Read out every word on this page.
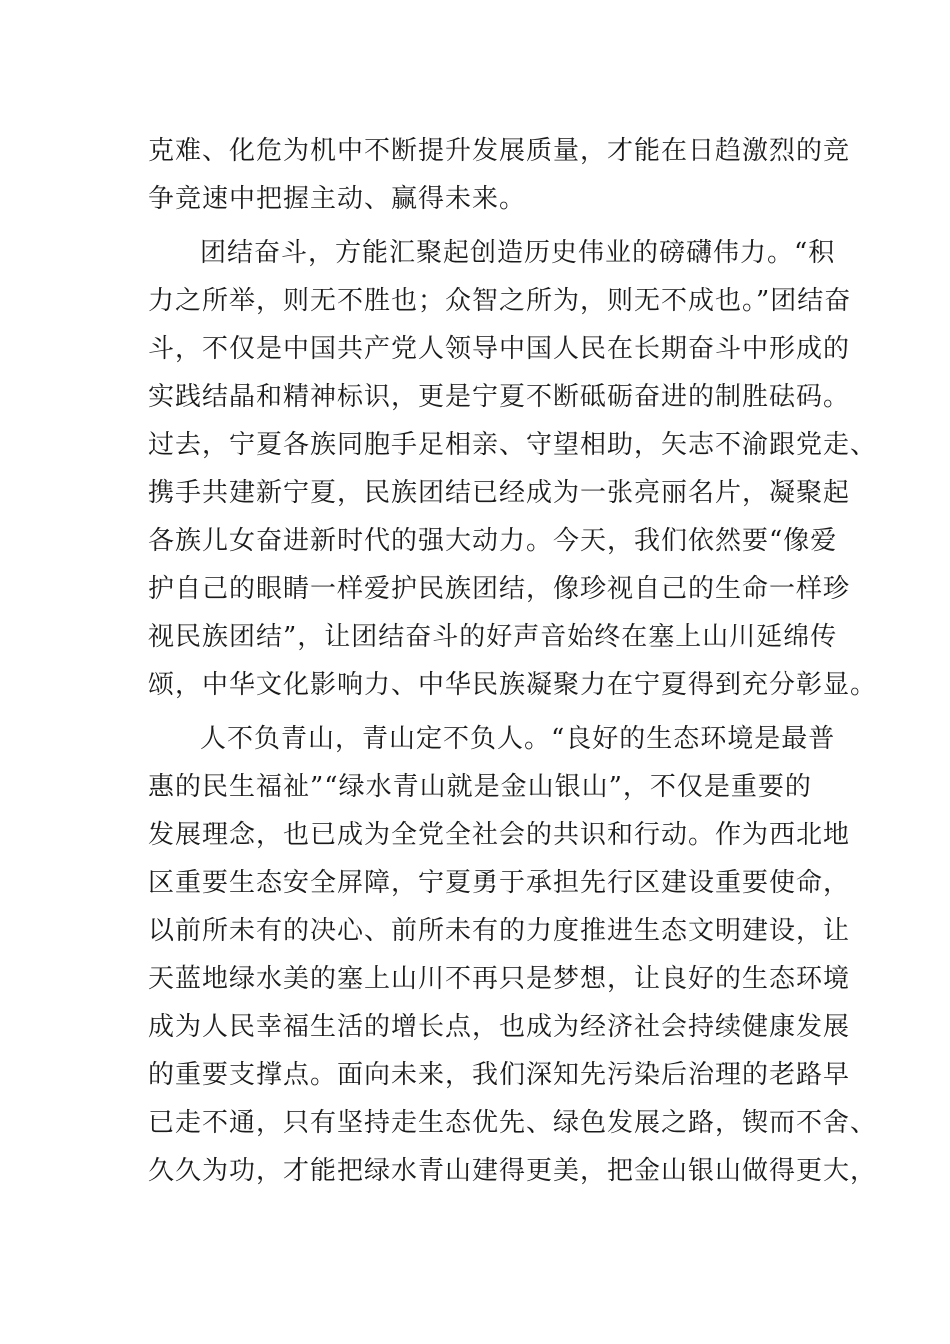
克难、化危为机中不断提升发展质量，才能在日趋激烈的竞
争竞速中把握主动、赢得未来。
团结奋斗，方能汇聚起创造历史伟业的磅礴伟力。“积
力之所举，则无不胜也；众智之所为，则无不成也。”团结奋
斗，不仅是中国共产党人领导中国人民在长期奋斗中形成的
实践结晶和精神标识，更是宁夏不断砥砺奋进的制胜砝码。
过去，宁夏各族同胞手足相亲、守望相助，矢志不渝跟党走、
携手共建新宁夏，民族团结已经成为一张亮丽名片，凝聚起
各族儿女奋进新时代的强大动力。今天，我们依然要“像爱
护自己的眼睛一样爱护民族团结，像珍视自己的生命一样珍
视民族团结”，让团结奋斗的好声音始终在塞上山川延绵传
颂，中华文化影响力、中华民族凝聚力在宁夏得到充分彰显。
人不负青山，青山定不负人。“良好的生态环境是最普
惠的民生福祉”“绿水青山就是金山银山”，不仅是重要的
发展理念，也已成为全党全社会的共识和行动。作为西北地
区重要生态安全屏障，宁夏勇于承担先行区建设重要使命，
以前所未有的决心、前所未有的力度推进生态文明建设，让
天蓝地绿水美的塞上山川不再只是梦想，让良好的生态环境
成为人民幸福生活的增长点，也成为经济社会持续健康发展
的重要支撑点。面向未来，我们深知先污染后治理的老路早
已走不通，只有坚持走生态优先、绿色发展之路，锲而不舍、
久久为功，才能把绿水青山建得更美，把金山银山做得更大，
